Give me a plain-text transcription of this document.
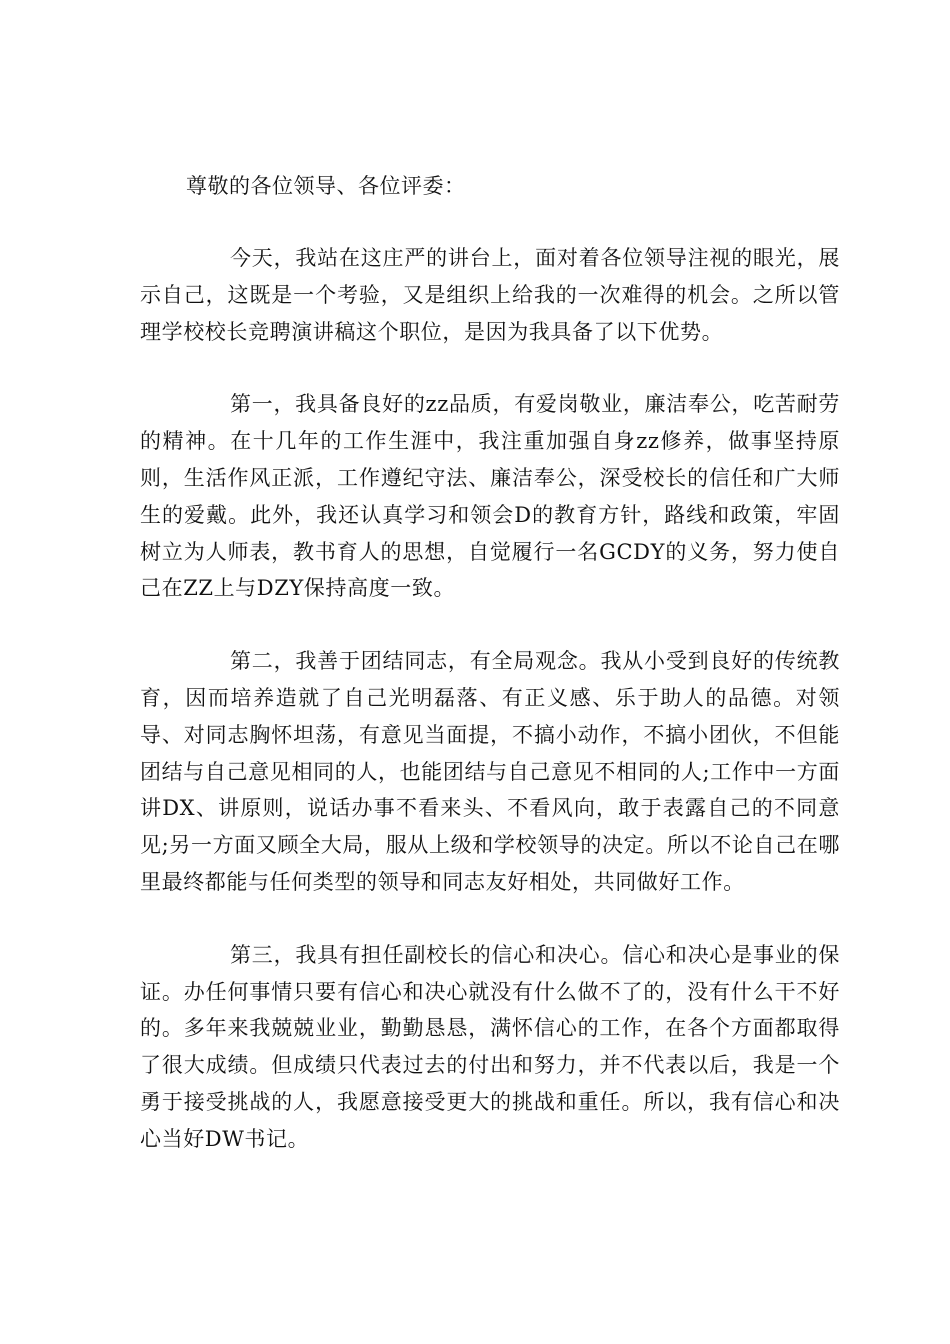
尊敬的各位领导、各位评委：

今天，我站在这庄严的讲台上，面对着各位领导注视的眼光，展示自己，这既是一个考验，又是组织上给我的一次难得的机会。之所以管理学校校长竞聘演讲稿这个职位，是因为我具备了以下优势。

第一，我具备良好的zz品质，有爱岗敬业，廉洁奉公，吃苦耐劳的精神。在十几年的工作生涯中，我注重加强自身zz修养，做事坚持原则，生活作风正派，工作遵纪守法、廉洁奉公，深受校长的信任和广大师生的爱戴。此外，我还认真学习和领会D的教育方针，路线和政策，牢固树立为人师表，教书育人的思想，自觉履行一名GCDY的义务，努力使自己在ZZ上与DZY保持高度一致。

第二，我善于团结同志，有全局观念。我从小受到良好的传统教育，因而培养造就了自己光明磊落、有正义感、乐于助人的品德。对领导、对同志胸怀坦荡，有意见当面提，不搞小动作，不搞小团伙，不但能团结与自己意见相同的人，也能团结与自己意见不相同的人;工作中一方面讲DX、讲原则，说话办事不看来头、不看风向，敢于表露自己的不同意见;另一方面又顾全大局，服从上级和学校领导的决定。所以不论自己在哪里最终都能与任何类型的领导和同志友好相处，共同做好工作。

第三，我具有担任副校长的信心和决心。信心和决心是事业的保证。办任何事情只要有信心和决心就没有什么做不了的，没有什么干不好的。多年来我兢兢业业，勤勤恳恳，满怀信心的工作，在各个方面都取得了很大成绩。但成绩只代表过去的付出和努力，并不代表以后，我是一个勇于接受挑战的人，我愿意接受更大的挑战和重任。所以，我有信心和决心当好DW书记。
